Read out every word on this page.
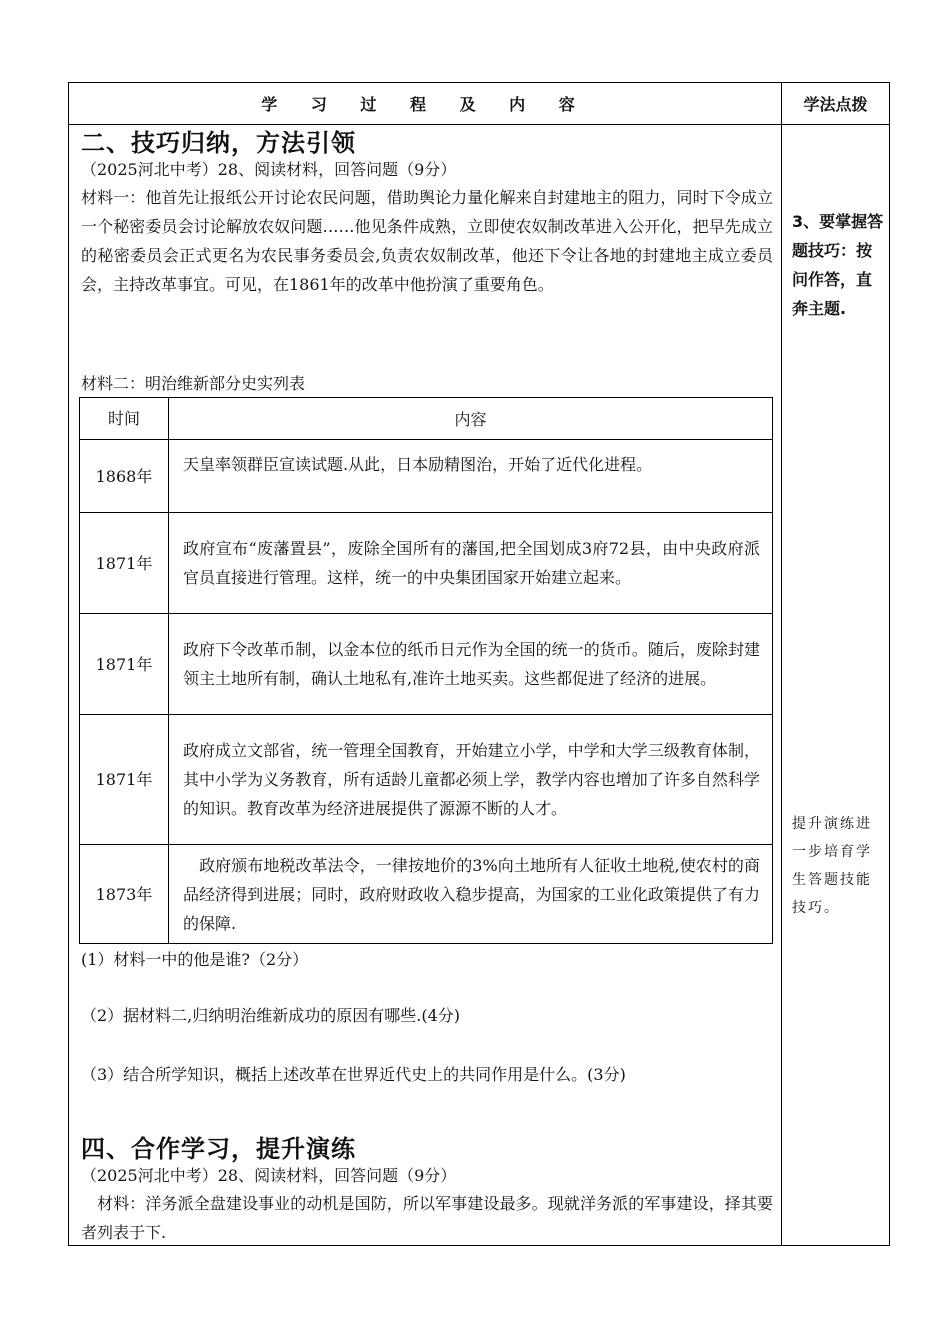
学 习 过 程 及 内 容	学法点拨
二、技巧归纳，方法引领
（2025河北中考）28、阅读材料，回答问题（9分）
材料一：他首先让报纸公开讨论农民问题，借助舆论力量化解来自封建地主的阻力，同时下令成立一个秘密委员会讨论解放农奴问题……他见条件成熟，立即使农奴制改革进入公开化，把早先成立的秘密委员会正式更名为农民事务委员会,负责农奴制改革，他还下令让各地的封建地主成立委员会，主持改革事宜。可见，在1861年的改革中他扮演了重要角色。
材料二：明治维新部分史实列表
时间	内容
1868年	天皇率领群臣宣读试题.从此，日本励精图治，开始了近代化进程。
1871年	政府宣布“废藩置县”，废除全国所有的藩国,把全国划成3府72县，由中央政府派官员直接进行管理。这样，统一的中央集团国家开始建立起来。
1871年	政府下令改革币制，以金本位的纸币日元作为全国的统一的货币。随后，废除封建领主土地所有制，确认土地私有,准许土地买卖。这些都促进了经济的进展。
1871年	政府成立文部省，统一管理全国教育，开始建立小学，中学和大学三级教育体制，其中小学为义务教育，所有适龄儿童都必须上学，教学内容也增加了许多自然科学的知识。教育改革为经济进展提供了源源不断的人才。
1873年	　政府颁布地税改革法令，一律按地价的3%向土地所有人征收土地税,使农村的商品经济得到进展；同时，政府财政收入稳步提高，为国家的工业化政策提供了有力的保障.
(1）材料一中的他是谁?（2分）
（2）据材料二,归纳明治维新成功的原因有哪些.(4分)
（3）结合所学知识，概括上述改革在世界近代史上的共同作用是什么。(3分)
四、合作学习，提升演练
（2025河北中考）28、阅读材料，回答问题（9分）
　材料：洋务派全盘建设事业的动机是国防，所以军事建设最多。现就洋务派的军事建设，择其要者列表于下.
3、要掌握答题技巧：按问作答，直奔主题.
提升演练进一步培育学生答题技能技巧。
